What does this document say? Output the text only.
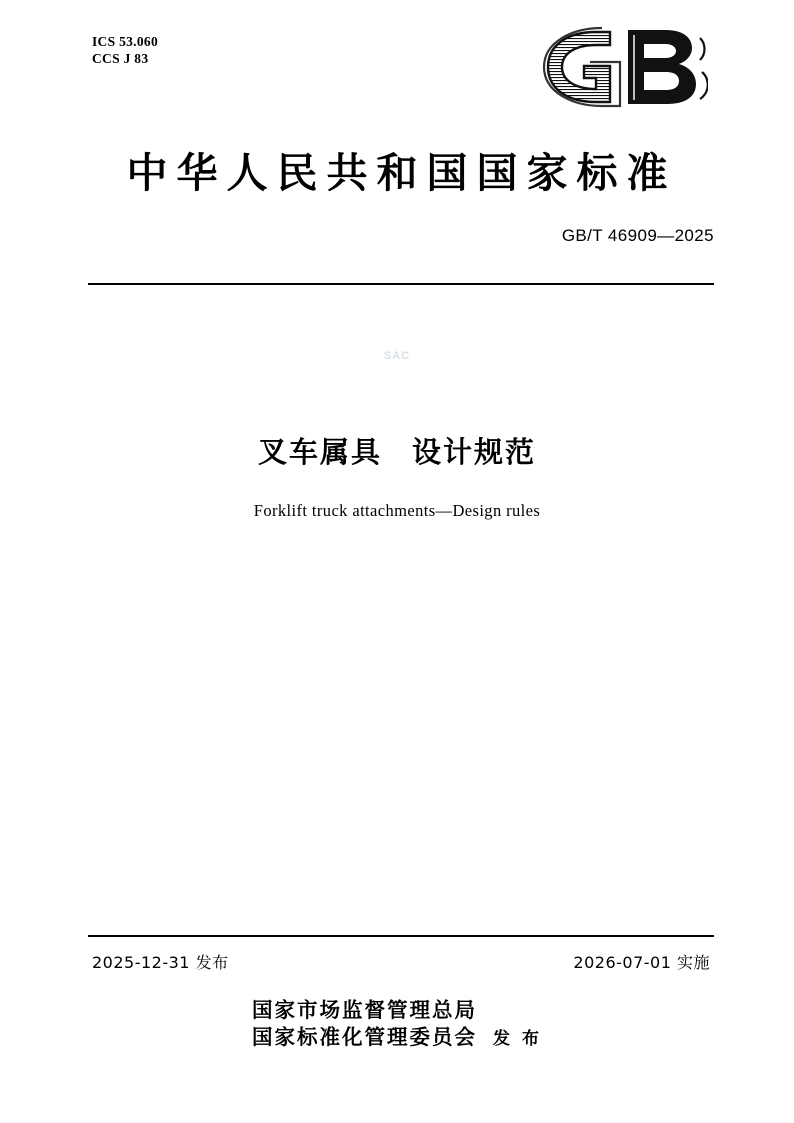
ICS 53.060
CCS J 83
中华人民共和国国家标准
GB/T 46909—2025
SAC
叉车属具 设计规范
Forklift truck attachments—Design rules
2025-12-31 发布	2026-07-01 实施
国家市场监督管理总局
国家标准化管理委员会 发 布
